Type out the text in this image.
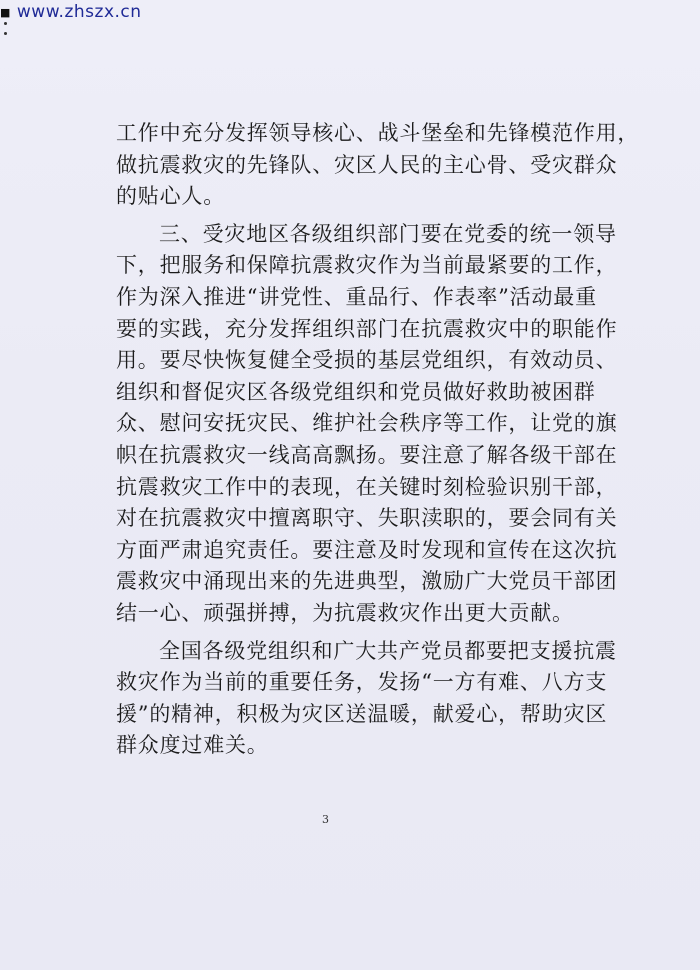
■ www.zhszx.cn
工作中充分发挥领导核心、战斗堡垒和先锋模范作用，
做抗震救灾的先锋队、灾区人民的主心骨、受灾群众
的贴心人。
三、受灾地区各级组织部门要在党委的统一领导
下，把服务和保障抗震救灾作为当前最紧要的工作，
作为深入推进“讲党性、重品行、作表率”活动最重
要的实践，充分发挥组织部门在抗震救灾中的职能作
用。要尽快恢复健全受损的基层党组织，有效动员、
组织和督促灾区各级党组织和党员做好救助被困群
众、慰问安抚灾民、维护社会秩序等工作，让党的旗
帜在抗震救灾一线高高飘扬。要注意了解各级干部在
抗震救灾工作中的表现，在关键时刻检验识别干部，
对在抗震救灾中擅离职守、失职渎职的，要会同有关
方面严肃追究责任。要注意及时发现和宣传在这次抗
震救灾中涌现出来的先进典型，激励广大党员干部团
结一心、顽强拼搏，为抗震救灾作出更大贡献。
全国各级党组织和广大共产党员都要把支援抗震
救灾作为当前的重要任务，发扬“一方有难、八方支
援”的精神，积极为灾区送温暖，献爱心，帮助灾区
群众度过难关。
3
